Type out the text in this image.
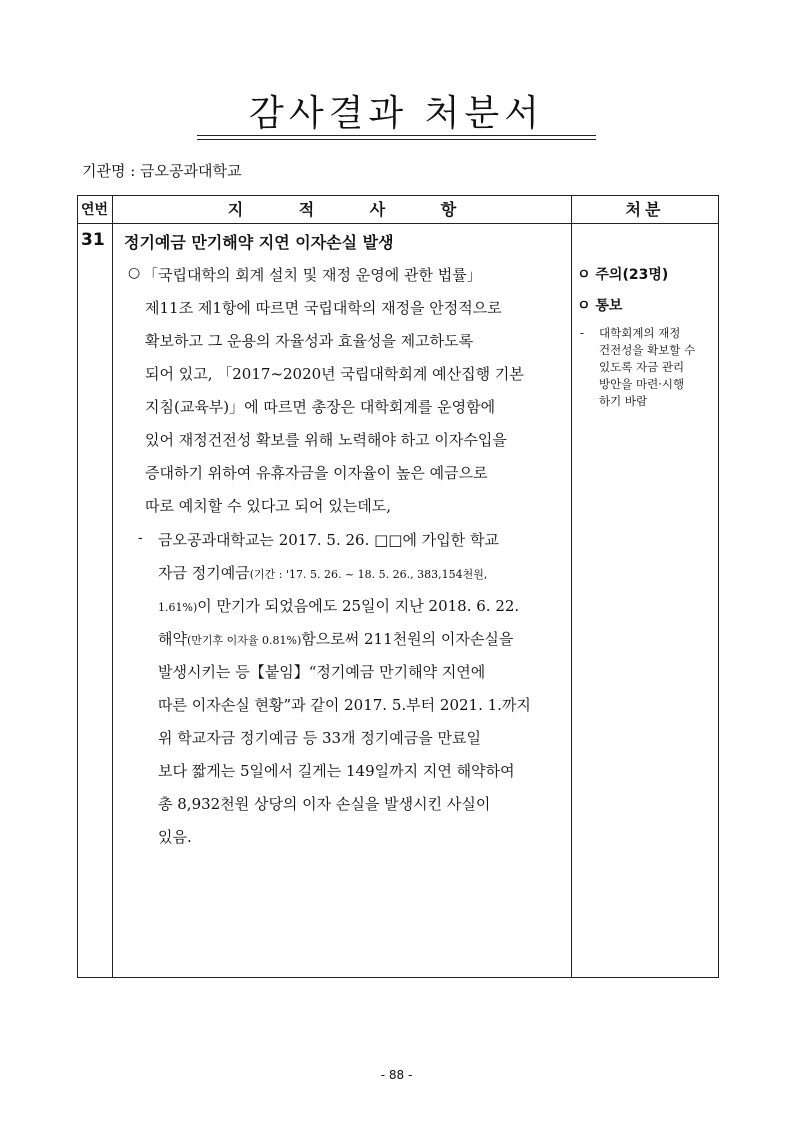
감사결과 처분서
기관명 : 금오공과대학교
연번	지 적 사 항	처분
31 정기예금 만기해약 지연 이자손실 발생
○ 「국립대학의 회계 설치 및 재정 운영에 관한 법률」
제11조 제1항에 따르면 국립대학의 재정을 안정적으로
확보하고 그 운용의 자율성과 효율성을 제고하도록
되어 있고, 「2017~2020년 국립대학회계 예산집행 기본
지침(교육부)」에 따르면 총장은 대학회계를 운영함에
있어 재정건전성 확보를 위해 노력해야 하고 이자수입을
증대하기 위하여 유휴자금을 이자율이 높은 예금으로
따로 예치할 수 있다고 되어 있는데도,
- 금오공과대학교는 2017. 5. 26. □□에 가입한 학교
자금 정기예금(기간 : '17. 5. 26. ~ 18. 5. 26., 383,154천원,
1.61%)이 만기가 되었음에도 25일이 지난 2018. 6. 22.
해약(만기후 이자율 0.81%)함으로써 211천원의 이자손실을
발생시키는 등【붙임】“정기예금 만기해약 지연에
따른 이자손실 현황”과 같이 2017. 5.부터 2021. 1.까지
위 학교자금 정기예금 등 33개 정기예금을 만료일
보다 짧게는 5일에서 길게는 149일까지 지연 해약하여
총 8,932천원 상당의 이자 손실을 발생시킨 사실이
있음.
ㅇ 주의(23명)
ㅇ 통보
- 대학회계의 재정
건전성을 확보할 수
있도록 자금 관리
방안을 마련·시행
하기 바람
- 88 -
